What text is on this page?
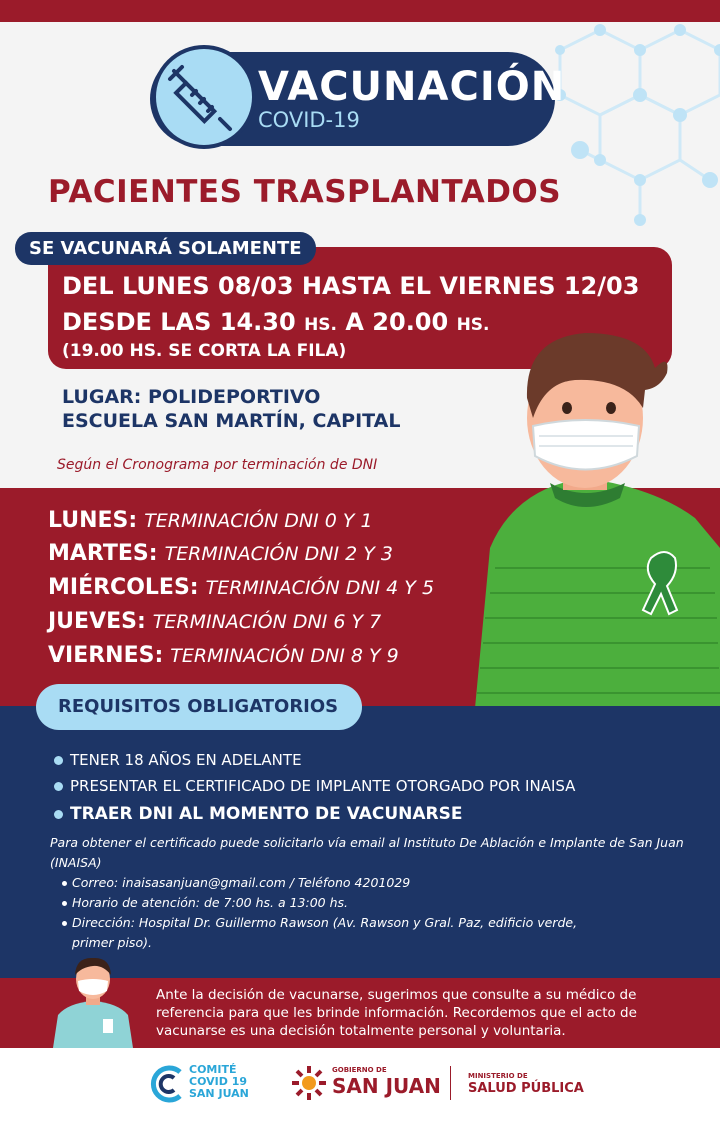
VACUNACIÓN
COVID-19
PACIENTES TRASPLANTADOS
SE VACUNARÁ SOLAMENTE
DEL LUNES 08/03 HASTA EL VIERNES 12/03
DESDE LAS 14.30 HS. A 20.00 HS.
(19.00 HS. SE CORTA LA FILA)
LUGAR: POLIDEPORTIVO
ESCUELA SAN MARTÍN, CAPITAL
Según el Cronograma por terminación de DNI
LUNES: TERMINACIÓN DNI 0 Y 1
MARTES: TERMINACIÓN DNI 2 Y 3
MIÉRCOLES: TERMINACIÓN DNI 4 Y 5
JUEVES: TERMINACIÓN DNI 6 Y 7
VIERNES: TERMINACIÓN DNI 8 Y 9
REQUISITOS OBLIGATORIOS
TENER 18 AÑOS EN ADELANTE
PRESENTAR EL CERTIFICADO DE IMPLANTE OTORGADO POR INAISA
TRAER DNI AL MOMENTO DE VACUNARSE
Para obtener el certificado puede solicitarlo vía email al Instituto De Ablación e Implante de San Juan (INAISA)
Correo: inaisasanjuan@gmail.com / Teléfono 4201029
Horario de atención: de 7:00 hs. a 13:00 hs.
Dirección: Hospital Dr. Guillermo Rawson (Av. Rawson y Gral. Paz, edificio verde,
primer piso).
Ante la decisión de vacunarse, sugerimos que consulte a su médico de referencia para que les brinde información. Recordemos que el acto de vacunarse es una decisión totalmente personal y voluntaria.
COMITÉ
COVID 19
SAN JUAN
GOBIERNO DE
SAN JUAN	MINISTERIO DE
SALUD PÚBLICA
